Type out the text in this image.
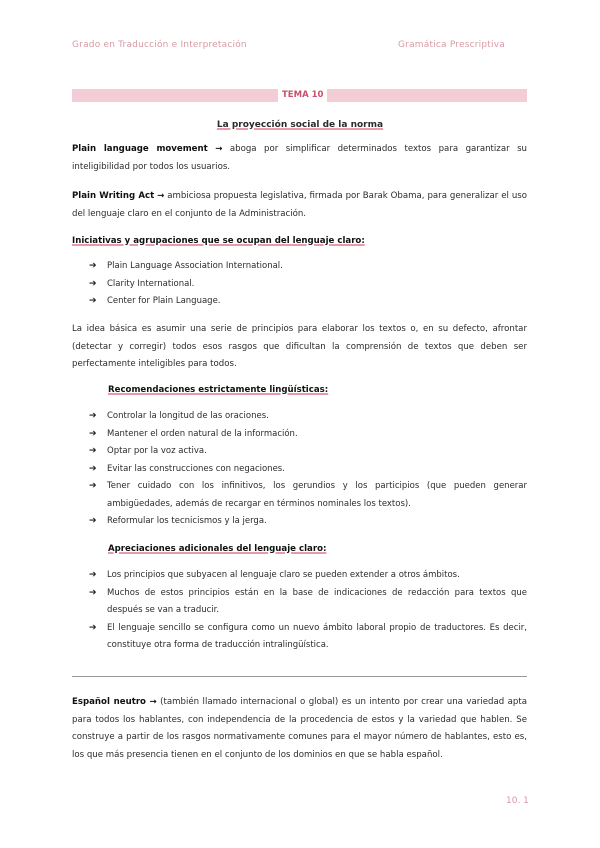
Grado en Traducción e Interpretación	Gramática Prescriptiva
TEMA 10
La proyección social de la norma
Plain language movement → aboga por simplificar determinados textos para garantizar su inteligibilidad por todos los usuarios.
Plain Writing Act → ambiciosa propuesta legislativa, firmada por Barak Obama, para generalizar el uso del lenguaje claro en el conjunto de la Administración.
Iniciativas y agrupaciones que se ocupan del lenguaje claro:
➔ Plain Language Association International.
➔ Clarity International.
➔ Center for Plain Language.
La idea básica es asumir una serie de principios para elaborar los textos o, en su defecto, afrontar (detectar y corregir) todos esos rasgos que dificultan la comprensión de textos que deben ser perfectamente inteligibles para todos.
Recomendaciones estrictamente lingüísticas:
➔ Controlar la longitud de las oraciones.
➔ Mantener el orden natural de la información.
➔ Optar por la voz activa.
➔ Evitar las construcciones con negaciones.
➔ Tener cuidado con los infinitivos, los gerundios y los participios (que pueden generar ambigüedades, además de recargar en términos nominales los textos).
➔ Reformular los tecnicismos y la jerga.
Apreciaciones adicionales del lenguaje claro:
➔ Los principios que subyacen al lenguaje claro se pueden extender a otros ámbitos.
➔ Muchos de estos principios están en la base de indicaciones de redacción para textos que después se van a traducir.
➔ El lenguaje sencillo se configura como un nuevo ámbito laboral propio de traductores. Es decir, constituye otra forma de traducción intralingüística.
Español neutro → (también llamado internacional o global) es un intento por crear una variedad apta para todos los hablantes, con independencia de la procedencia de estos y la variedad que hablen. Se construye a partir de los rasgos normativamente comunes para el mayor número de hablantes, esto es, los que más presencia tienen en el conjunto de los dominios en que se habla español.
10. 1
